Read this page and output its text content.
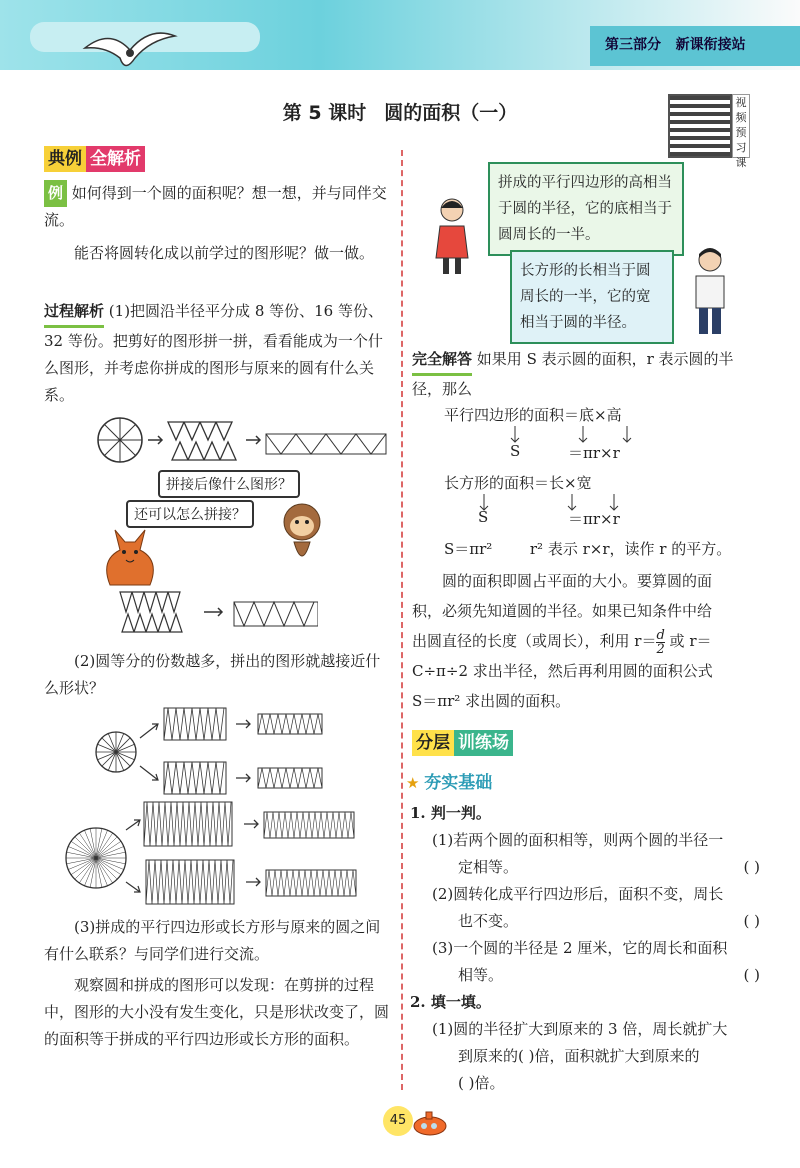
第三部分 新课衔接站
第 5 课时 圆的面积（一）	视频预习课
典例 全解析
例 如何得到一个圆的面积呢？想一想，并与同伴交流。
能否将圆转化成以前学过的图形呢？做一做。
过程解析 (1)把圆沿半径平分成 8 等份、16 等份、32 等份。把剪好的图形拼一拼，看看能成为一个什么图形，并考虑你拼成的图形与原来的圆有什么关系。
拼接后像什么图形？
还可以怎么拼接？
(2)圆等分的份数越多，拼出的图形就越接近什么形状？
(3)拼成的平行四边形或长方形与原来的圆之间有什么联系？与同学们进行交流。
观察圆和拼成的图形可以发现：在剪拼的过程中，图形的大小没有发生变化，只是形状改变了，圆的面积等于拼成的平行四边形或长方形的面积。
拼成的平行四边形的高相当于圆的半径，它的底相当于圆周长的一半。
长方形的长相当于圆周长的一半，它的宽相当于圆的半径。
完全解答 如果用 S 表示圆的面积，r 表示圆的半径，那么
平行四边形的面积＝底×高
S	＝πr×r
长方形的面积＝长×宽
S	＝πr×r
S＝πr²	r² 表示 r×r，读作 r 的平方。
圆的面积即圆占平面的大小。要算圆的面
积，必须先知道圆的半径。如果已知条件中给
出圆直径的长度（或周长），利用 $r= \frac{d}{2}$ 或 r＝
C÷π÷2 求出半径，然后再利用圆的面积公式
S＝πr² 求出圆的面积。
分层 训练场
★ 夯实基础
1. 判一判。
(1)若两个圆的面积相等，则两个圆的半径一
定相等。	( )
(2)圆转化成平行四边形后，面积不变，周长
也不变。	( )
(3)一个圆的半径是 2 厘米，它的周长和面积
相等。	( )
2. 填一填。
(1)圆的半径扩大到原来的 3 倍，周长就扩大
到原来的( )倍，面积就扩大到原来的
( )倍。
45
